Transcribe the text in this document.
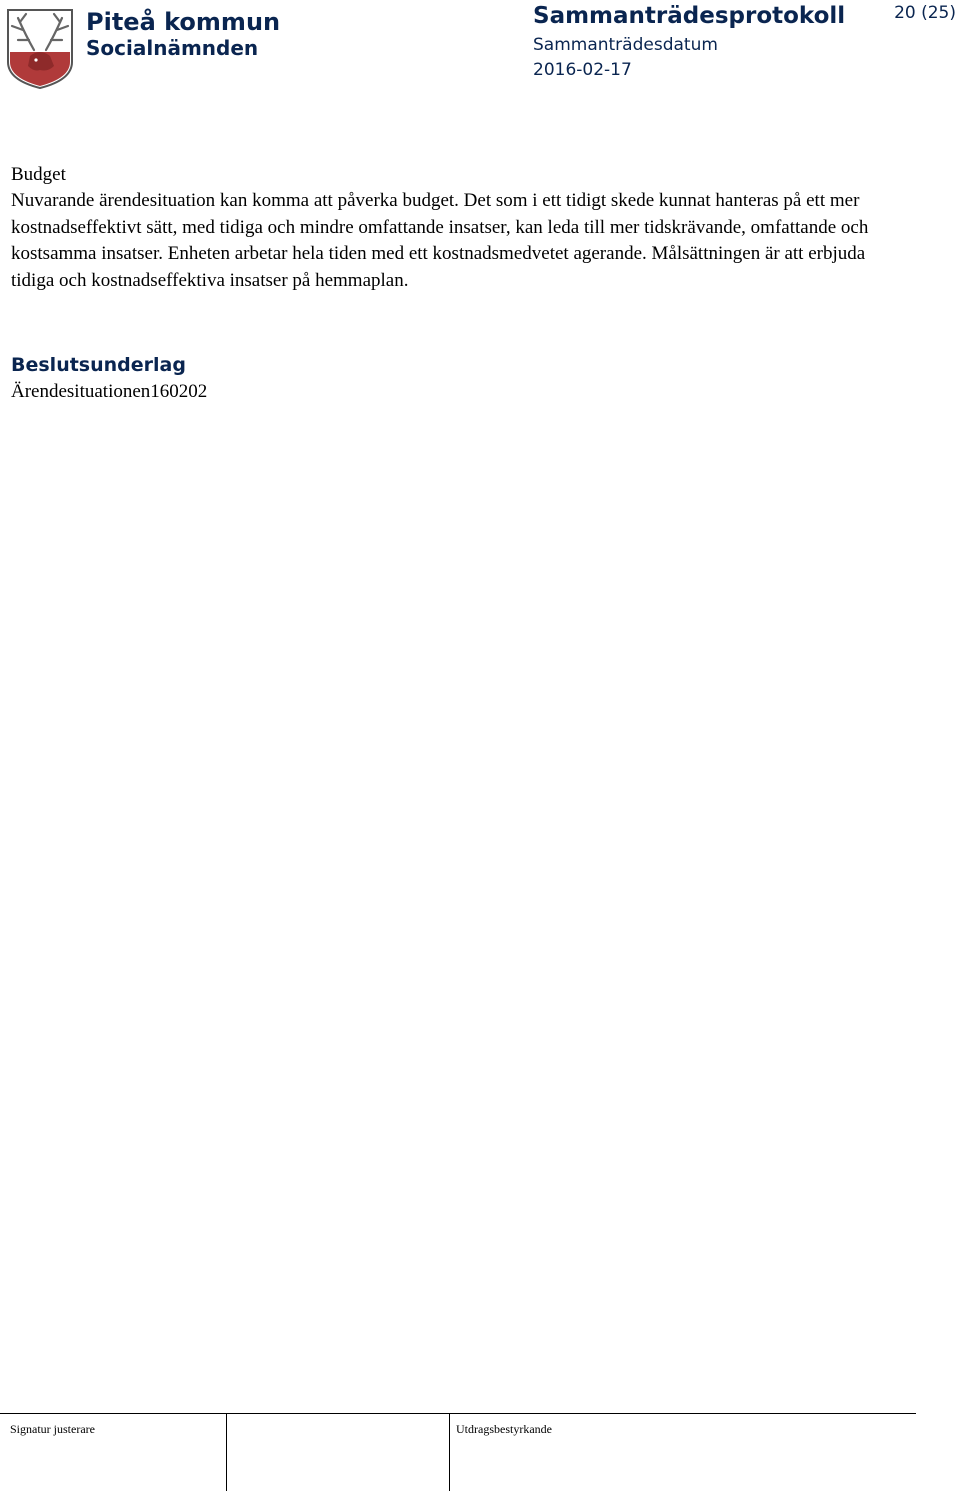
Piteå kommun
Socialnämnden
Sammanträdesprotokoll
Sammanträdesdatum
2016-02-17
20 (25)
Budget
Nuvarande ärendesituation kan komma att påverka budget. Det som i ett tidigt skede kunnat hanteras på ett mer kostnadseffektivt sätt, med tidiga och mindre omfattande insatser, kan leda till mer tidskrävande, omfattande och kostsamma insatser. Enheten arbetar hela tiden med ett kostnadsmedvetet agerande. Målsättningen är att erbjuda tidiga och kostnadseffektiva insatser på hemmaplan.
Beslutsunderlag
Ärendesituationen160202
Signatur justerare	Utdragsbestyrkande
